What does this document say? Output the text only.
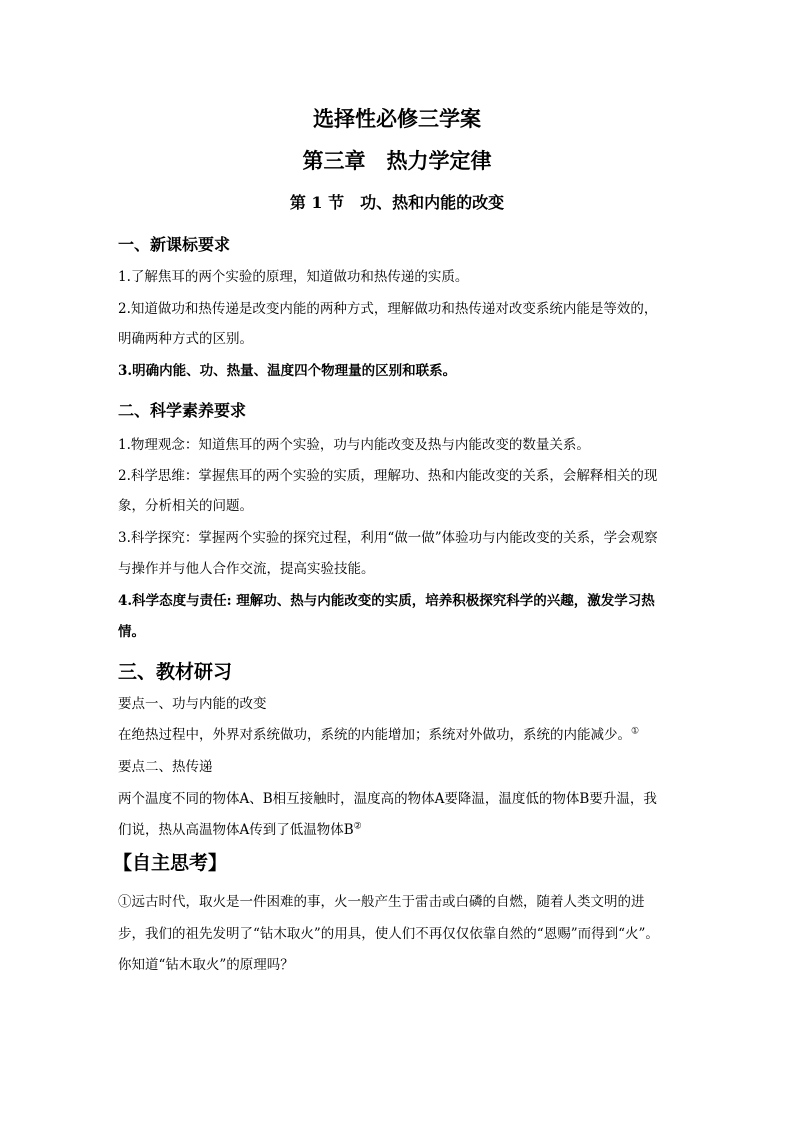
选择性必修三学案
第三章　热力学定律
第 1 节　功、热和内能的改变
一、新课标要求
1.了解焦耳的两个实验的原理，知道做功和热传递的实质。
2.知道做功和热传递是改变内能的两种方式，理解做功和热传递对改变系统内能是等效的，
明确两种方式的区别。
3.明确内能、功、热量、温度四个物理量的区别和联系。
二、科学素养要求
1.物理观念：知道焦耳的两个实验，功与内能改变及热与内能改变的数量关系。
2.科学思维：掌握焦耳的两个实验的实质，理解功、热和内能改变的关系，会解释相关的现
象，分析相关的问题。
3.科学探究：掌握两个实验的探究过程，利用“做一做”体验功与内能改变的关系，学会观察
与操作并与他人合作交流，提高实验技能。
4.科学态度与责任: 理解功、热与内能改变的实质，培养积极探究科学的兴趣，激发学习热
情。
三、教材研习
要点一、功与内能的改变
在绝热过程中，外界对系统做功，系统的内能增加；系统对外做功，系统的内能减少。①
要点二、热传递
两个温度不同的物体A、B相互接触时，温度高的物体A要降温，温度低的物体B要升温，我
们说，热从高温物体A传到了低温物体B②
【自主思考】
①远古时代，取火是一件困难的事，火一般产生于雷击或白磷的自燃，随着人类文明的进
步，我们的祖先发明了“钻木取火”的用具，使人们不再仅仅依靠自然的“恩赐”而得到“火”。
你知道“钻木取火”的原理吗？
